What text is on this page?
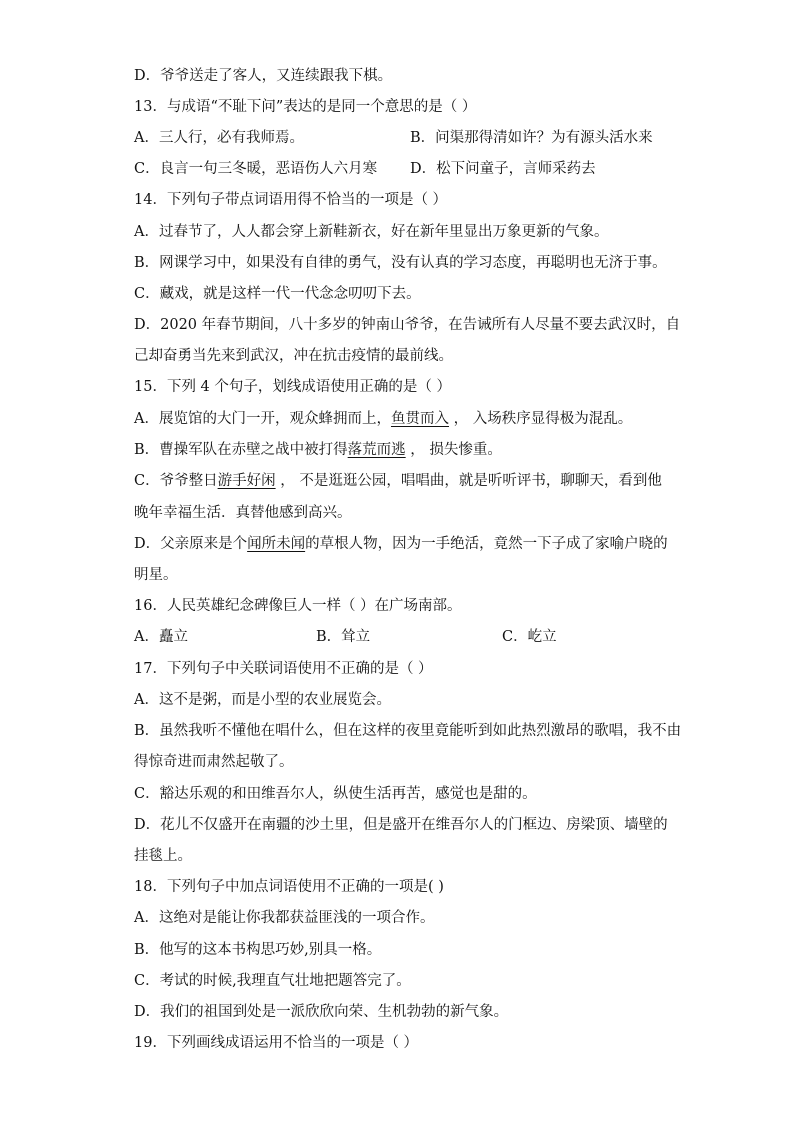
D．爷爷送走了客人，又连续跟我下棋。
13．与成语“不耻下问”表达的是同一个意思的是（ ）
A．三人行，必有我师焉。	B．问渠那得清如许？为有源头活水来
C．良言一句三冬暖，恶语伤人六月寒 D．松下问童子，言师采药去
14．下列句子带点词语用得不恰当的一项是（ ）
A．过春节了，人人都会穿上新鞋新衣，好在新年里显出万象更新的气象。
B．网课学习中，如果没有自律的勇气，没有认真的学习态度，再聪明也无济于事。
C．藏戏，就是这样一代一代念念叨叨下去。
D．2020 年春节期间，八十多岁的钟南山爷爷，在告诫所有人尽量不要去武汉时，自
己却奋勇当先来到武汉，冲在抗击疫情的最前线。
15．下列 4 个句子，划线成语使用正确的是（ ）
A．展览馆的大门一开，观众蜂拥而上，鱼贯而入 ， 入场秩序显得极为混乱。
B．曹操军队在赤壁之战中被打得落荒而逃 ， 损失惨重。
C．爷爷整日游手好闲 ， 不是逛逛公园，唱唱曲，就是听听评书，聊聊天，看到他
晚年幸福生活．真替他感到高兴。
D．父亲原来是个闻所未闻的草根人物，因为一手绝活，竟然一下子成了家喻户晓的
明星。
16．人民英雄纪念碑像巨人一样（ ）在广场南部。
A．矗立	B．耸立	C．屹立
17．下列句子中关联词语使用不正确的是（ ）
A．这不是粥，而是小型的农业展览会。
B．虽然我听不懂他在唱什么，但在这样的夜里竟能听到如此热烈激昂的歌唱，我不由
得惊奇进而肃然起敬了。
C．豁达乐观的和田维吾尔人，纵使生活再苦，感觉也是甜的。
D．花儿不仅盛开在南疆的沙土里，但是盛开在维吾尔人的门框边、房梁顶、墙壁的
挂毯上。
18．下列句子中加点词语使用不正确的一项是( )
A．这绝对是能让你我都获益匪浅的一项合作。
B．他写的这本书构思巧妙,别具一格。
C．考试的时候,我理直气壮地把题答完了。
D．我们的祖国到处是一派欣欣向荣、生机勃勃的新气象。
19．下列画线成语运用不恰当的一项是（ ）
